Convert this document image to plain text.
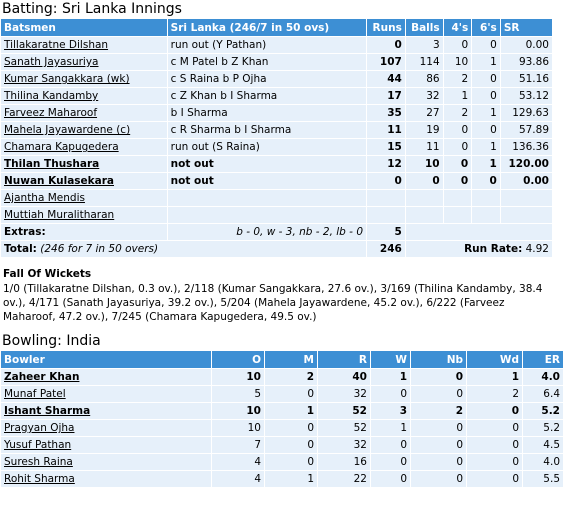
Batting: Sri Lanka Innings
Batsmen	Sri Lanka (246/7 in 50 ovs)	Runs	Balls	4's	6's	SR
Tillakaratne Dilshan	run out (Y Pathan)	0	3	0	0	0.00
Sanath Jayasuriya	c M Patel b Z Khan	107	114	10	1	93.86
Kumar Sangakkara (wk)	c S Raina b P Ojha	44	86	2	0	51.16
Thilina Kandamby	c Z Khan b I Sharma	17	32	1	0	53.12
Farveez Maharoof	b I Sharma	35	27	2	1	129.63
Mahela Jayawardene (c)	c R Sharma b I Sharma	11	19	0	0	57.89
Chamara Kapugedera	run out (S Raina)	15	11	0	1	136.36
Thilan Thushara	not out	12	10	0	1	120.00
Nuwan Kulasekara	not out	0	0	0	0	0.00
Ajantha Mendis						
Muttiah Muralitharan						
Extras:	b - 0, w - 3, nb - 2, lb - 0	5				
Total: (246 for 7 in 50 overs)		246	Run Rate: 4.92			
Fall Of Wickets
1/0 (Tillakaratne Dilshan, 0.3 ov.), 2/118 (Kumar Sangakkara, 27.6 ov.), 3/169 (Thilina Kandamby, 38.4 ov.), 4/171 (Sanath Jayasuriya, 39.2 ov.), 5/204 (Mahela Jayawardene, 45.2 ov.), 6/222 (Farveez Maharoof, 47.2 ov.), 7/245 (Chamara Kapugedera, 49.5 ov.)
Bowling: India
Bowler	O	M	R	W	Nb	Wd	ER
Zaheer Khan	10	2	40	1	0	1	4.0
Munaf Patel	5	0	32	0	0	2	6.4
Ishant Sharma	10	1	52	3	2	0	5.2
Pragyan Ojha	10	0	52	1	0	0	5.2
Yusuf Pathan	7	0	32	0	0	0	4.5
Suresh Raina	4	0	16	0	0	0	4.0
Rohit Sharma	4	1	22	0	0	0	5.5
